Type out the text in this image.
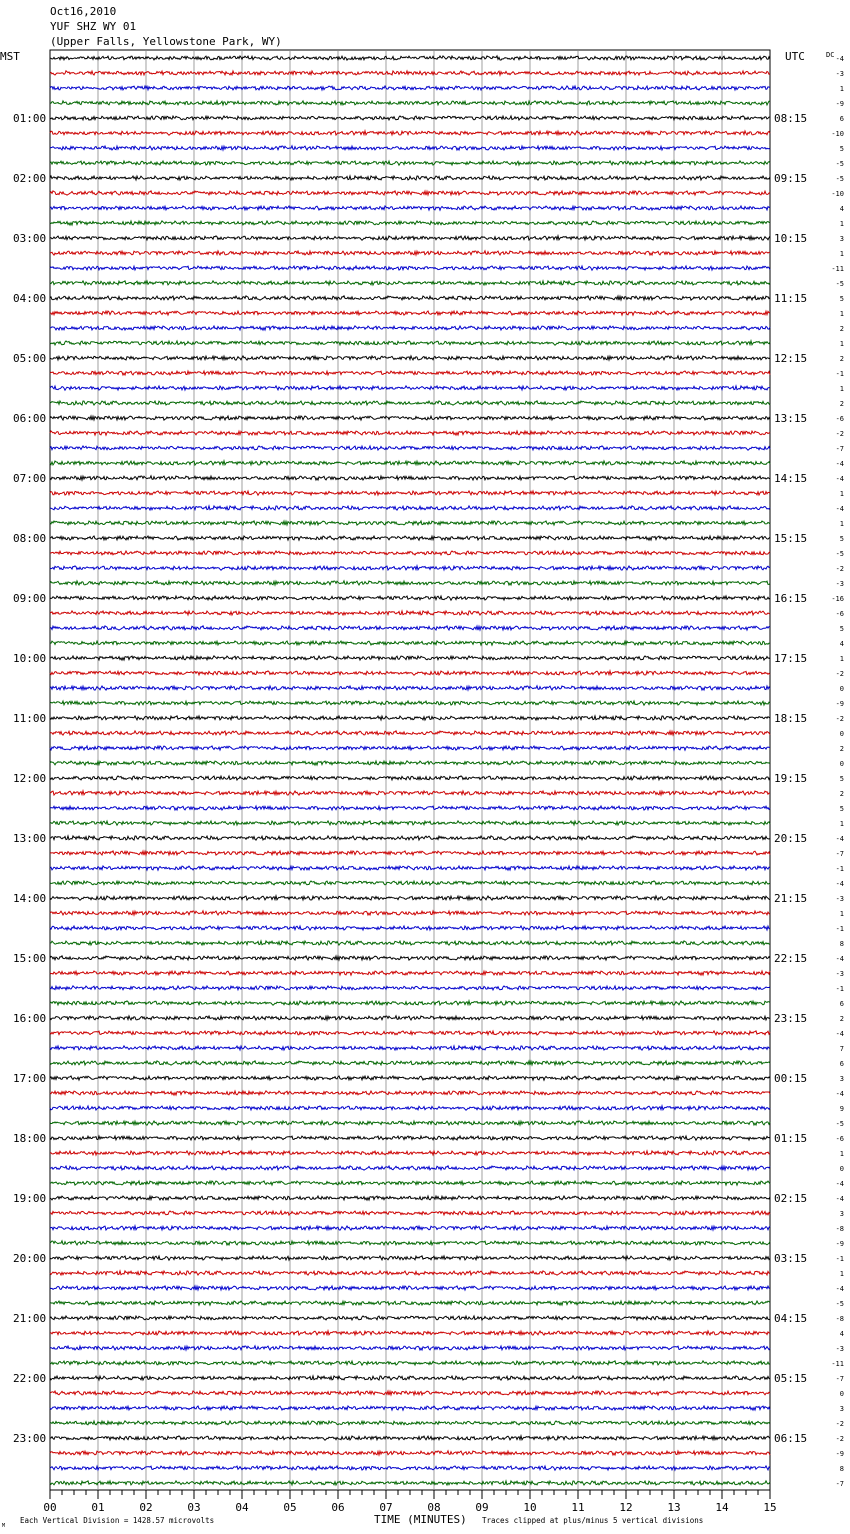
Oct16,2010
YUF SHZ WY 01
(Upper Falls, Yellowstone Park, WY)
MST	UTC	DC
01:00
02:00
03:00
04:00
05:00
06:00
07:00
08:00
09:00
10:00
11:00
12:00
13:00
14:00
15:00
16:00
17:00
18:00
19:00
20:00
21:00
22:00
23:00
08:15
09:15
10:15
11:15
12:15
13:15
14:15
15:15
16:15
17:15
18:15
19:15
20:15
21:15
22:15
23:15
00:15
01:15
02:15
03:15
04:15
05:15
06:15
-4
-3
1
-9
6
-10
5
-5
-5
-10
4
1
3
1
-11
-5
5
1
2
1
2
-1
1
2
-6
-2
-7
-4
-4
1
-4
1
5
-5
-2
-3
-16
-6
5
4
1
-2
0
-9
-2
0
2
0
5
2
5
1
-4
-7
-1
-4
-3
1
-1
8
-4
-3
-1
6
2
-4
7
6
3
-4
9
-5
-6
1
0
-4
-4
3
-8
-9
-1
1
-4
-5
-8
4
-3
-11
-7
0
3
-2
-2
-9
8
-7
00	01	02	03	04	05	06	07	08	09	10	11	12	13	14	15
M
Each Vertical Division = 1428.57 microvolts	TIME (MINUTES) Traces clipped at plus/minus 5 vertical divisions
